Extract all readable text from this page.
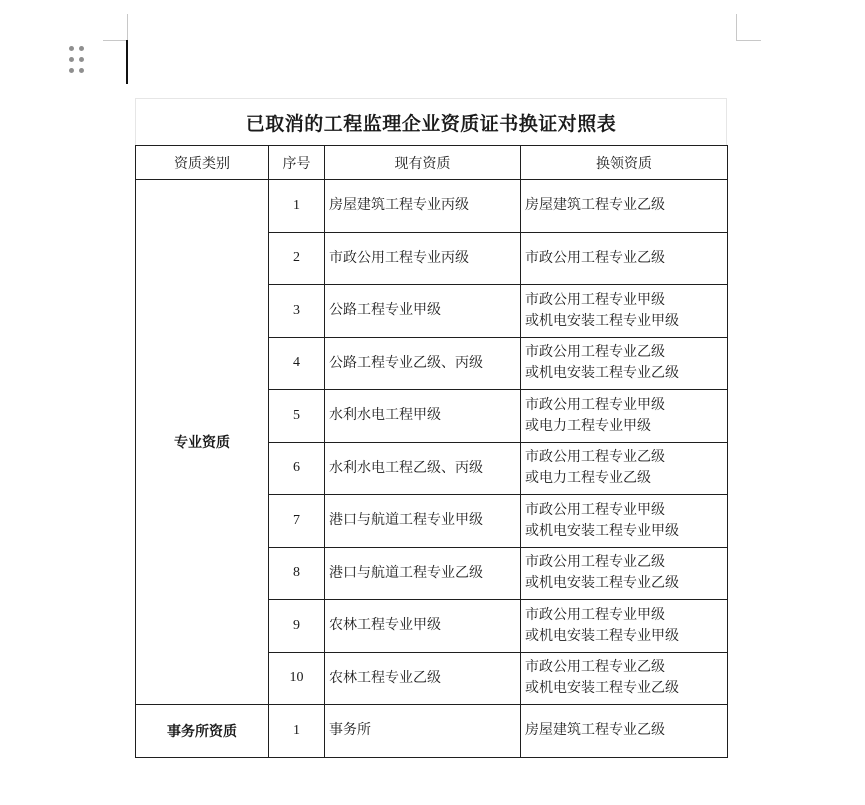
已取消的工程监理企业资质证书换证对照表
资质类别	序号	现有资质	换领资质
专业资质	1	房屋建筑工程专业丙级	房屋建筑工程专业乙级

	2	市政公用工程专业丙级	市政公用工程专业乙级

	3	公路工程专业甲级	市政公用工程专业甲级
或机电安装工程专业甲级

	4	公路工程专业乙级、丙级	市政公用工程专业乙级
或机电安装工程专业乙级

	5	水利水电工程甲级	市政公用工程专业甲级
或电力工程专业甲级

	6	水利水电工程乙级、丙级	市政公用工程专业乙级
或电力工程专业乙级

	7	港口与航道工程专业甲级	市政公用工程专业甲级
或机电安装工程专业甲级

	8	港口与航道工程专业乙级	市政公用工程专业乙级
或机电安装工程专业乙级

	9	农林工程专业甲级	市政公用工程专业甲级
或机电安装工程专业甲级

	10	农林工程专业乙级	市政公用工程专业乙级
或机电安装工程专业乙级

事务所资质	1	事务所	房屋建筑工程专业乙级
